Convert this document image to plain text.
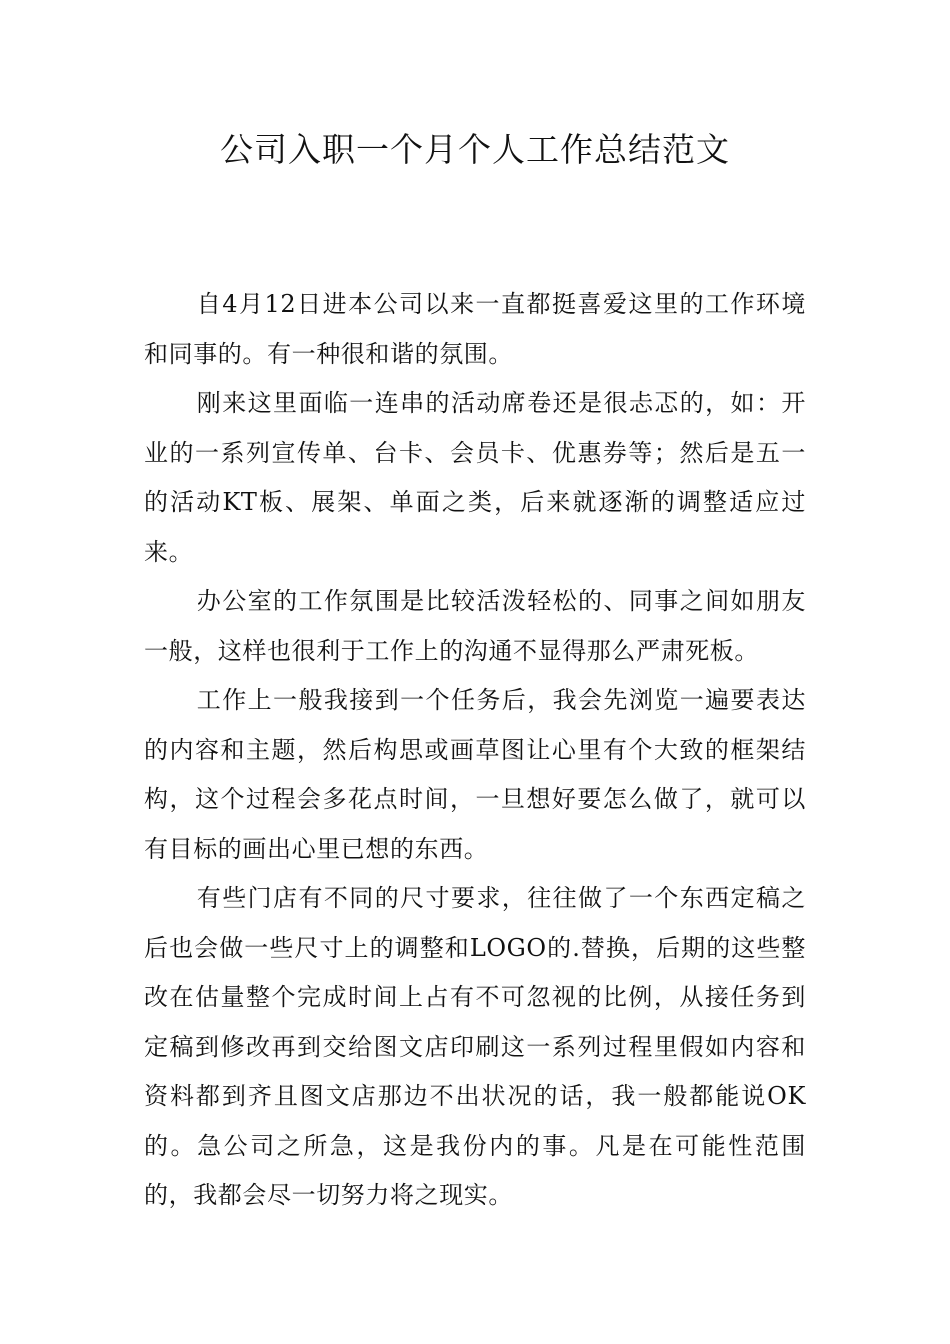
公司入职一个月个人工作总结范文

自4月12日进本公司以来一直都挺喜爱这里的工作环境和同事的。有一种很和谐的氛围。

刚来这里面临一连串的活动席卷还是很忐忑的，如：开业的一系列宣传单、台卡、会员卡、优惠券等；然后是五一的活动KT板、展架、单面之类，后来就逐渐的调整适应过来。

办公室的工作氛围是比较活泼轻松的、同事之间如朋友一般，这样也很利于工作上的沟通不显得那么严肃死板。

工作上一般我接到一个任务后，我会先浏览一遍要表达的内容和主题，然后构思或画草图让心里有个大致的框架结构，这个过程会多花点时间，一旦想好要怎么做了，就可以有目标的画出心里已想的东西。

有些门店有不同的尺寸要求，往往做了一个东西定稿之后也会做一些尺寸上的调整和LOGO的.替换，后期的这些整改在估量整个完成时间上占有不可忽视的比例，从接任务到定稿到修改再到交给图文店印刷这一系列过程里假如内容和资料都到齐且图文店那边不出状况的话，我一般都能说OK的。急公司之所急，这是我份内的事。凡是在可能性范围的，我都会尽一切努力将之现实。
